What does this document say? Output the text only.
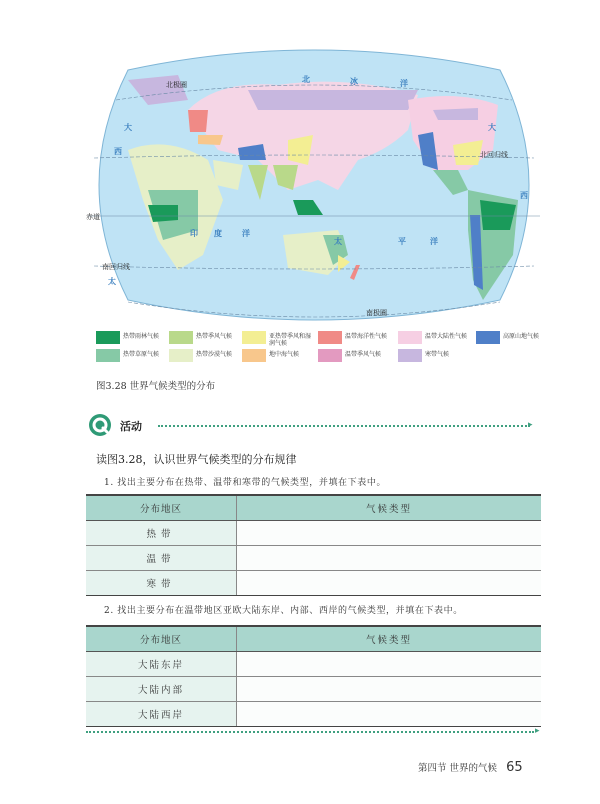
北极圈
北回归线
赤道
南回归线
南极圈
北	冰	洋
大
西
大
西
太
印 度	洋
太	平	洋
热带雨林气候	热带季风气候	亚热带季风和湿润气候
温带海洋性气候	温带大陆性气候	高原山地气候
热带草原气候	热带沙漠气候	地中海气候	温带季风气候	寒带气候
图3.28 世界气候类型的分布
活动	▸
读图3.28，认识世界气候类型的分布规律
1. 找出主要分布在热带、温带和寒带的气候类型，并填在下表中。
分布地区	气候类型
热带	
温带	
寒带	
2. 找出主要分布在温带地区亚欧大陆东岸、内部、西岸的气候类型，并填在下表中。
分布地区	气候类型
大陆东岸	
大陆内部	
大陆西岸	
▸
第四节 世界的气候 65
